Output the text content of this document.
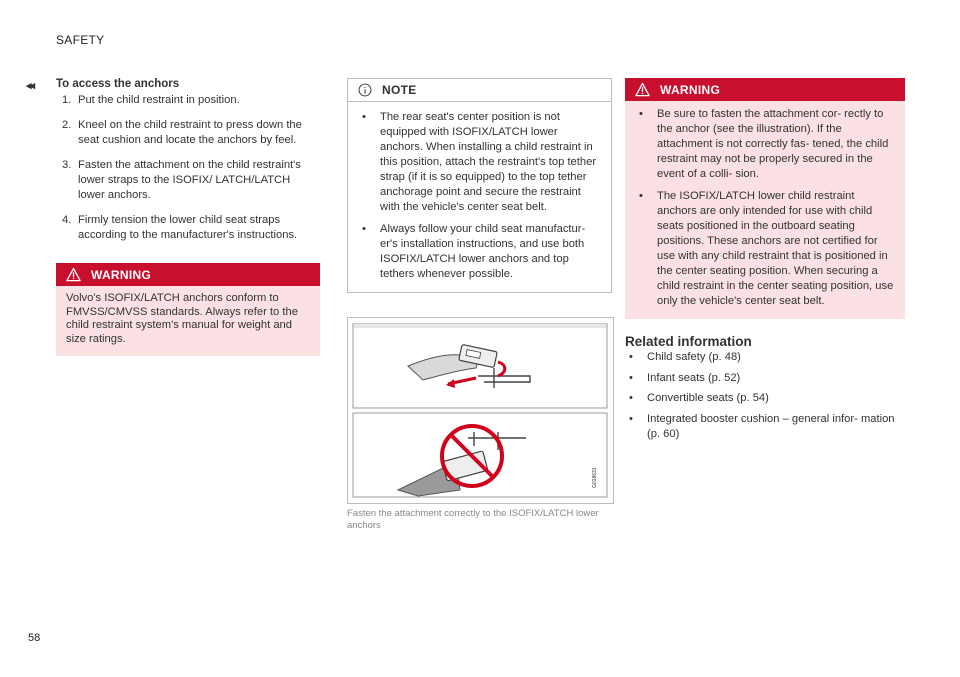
SAFETY
◂◂
58
To access the anchors
1. Put the child restraint in position.
2. Kneel on the child restraint to press down the seat cushion and locate the anchors by feel.
3. Fasten the attachment on the child restraint's lower straps to the ISOFIX/ LATCH/LATCH lower anchors.
4. Firmly tension the lower child seat straps according to the manufacturer's instructions.
WARNING
Volvo's ISOFIX/LATCH anchors conform to FMVSS/CMVSS standards. Always refer to the child restraint system's manual for weight and size ratings.
NOTE
• The rear seat's center position is not equipped with ISOFIX/LATCH lower anchors. When installing a child restraint in this position, attach the restraint's top tether strap (if it is so equipped) to the top tether anchorage point and secure the restraint with the vehicle's center seat belt.
• Always follow your child seat manufactur- er's installation instructions, and use both ISOFIX/LATCH lower anchors and top tethers whenever possible.
G018631
Fasten the attachment correctly to the ISOFIX/LATCH lower anchors
WARNING
• Be sure to fasten the attachment cor- rectly to the anchor (see the illustration). If the attachment is not correctly fas- tened, the child restraint may not be properly secured in the event of a colli- sion.
• The ISOFIX/LATCH lower child restraint anchors are only intended for use with child seats positioned in the outboard seating positions. These anchors are not certified for use with any child restraint that is positioned in the center seating position. When securing a child restraint in the center seating position, use only the vehicle's center seat belt.
Related information
• Child safety (p. 48)
• Infant seats (p. 52)
• Convertible seats (p. 54)
• Integrated booster cushion – general infor- mation (p. 60)
